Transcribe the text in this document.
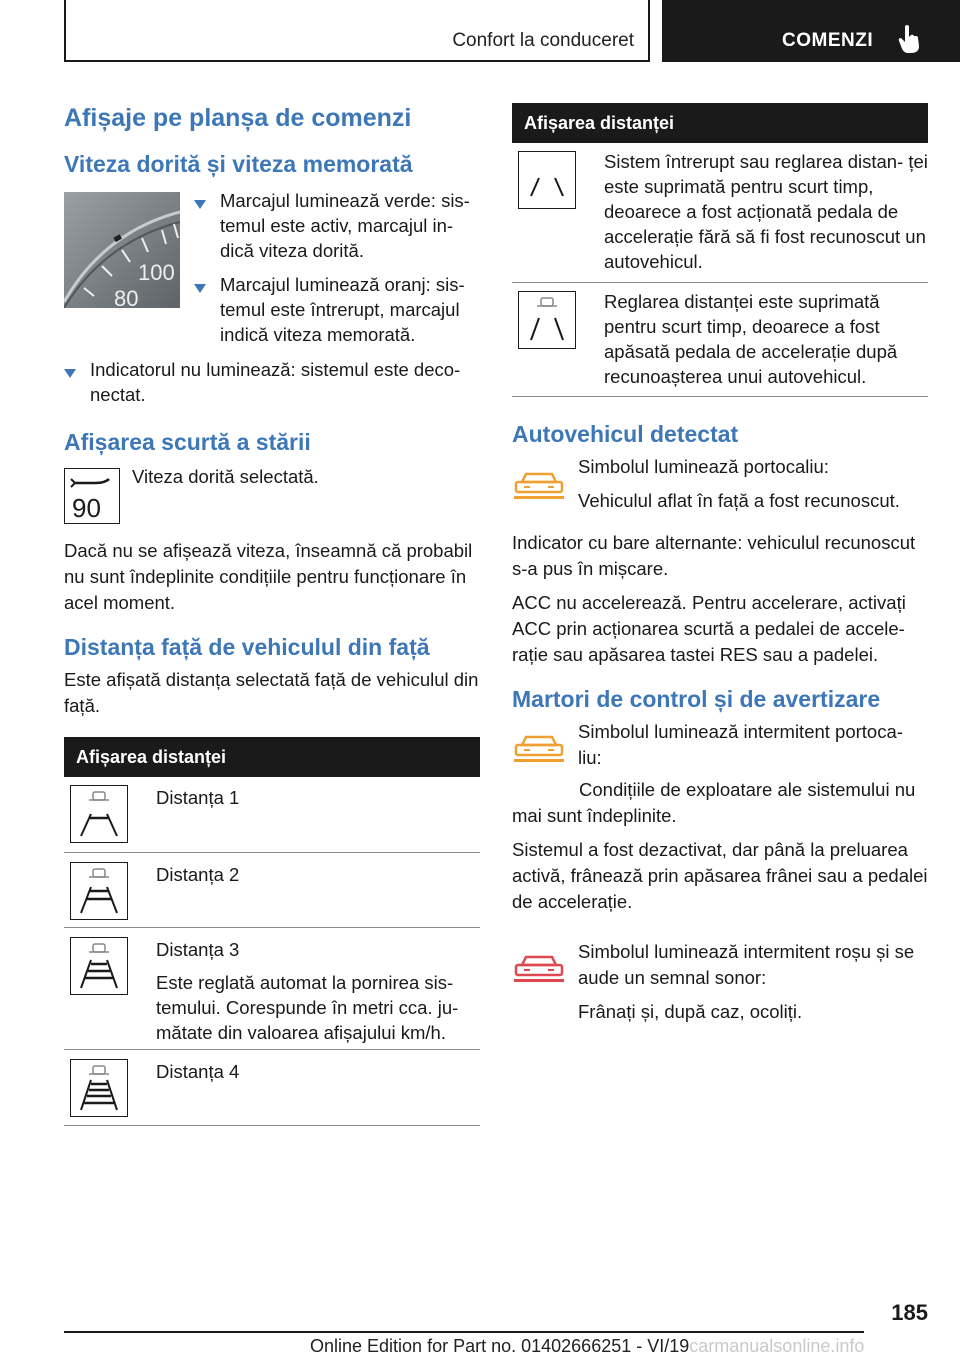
Confort la conduceret	COMENZI
Afișaje pe planșa de comenzi
Viteza dorită și viteza memorată
100
80
Marcajul luminează verde: sis- temul este activ, marcajul in- dică viteza dorită.
Marcajul luminează oranj: sis- temul este întrerupt, marcajul indică viteza memorată.
Indicatorul nu luminează: sistemul este deco- nectat.
Afișarea scurtă a stării
90

Viteza dorită selectată.

Dacă nu se afișează viteza, înseamnă că probabil nu sunt îndeplinite condițiile pentru funcționare în acel moment.

Distanța față de vehiculul din față

Este afișată distanța selectată față de vehiculul din față.

Afișarea distanței
Distanța 1
Distanța 2
Distanța 3
Este reglată automat la pornirea sis- temului. Corespunde în metri cca. ju- mătate din valoarea afișajului km/h.
Distanța 4
Afișarea distanței
Sistem întrerupt sau reglarea distan- ței este suprimată pentru scurt timp, deoarece a fost acționată pedala de accelerație fără să fi fost recunoscut un autovehicul.
Reglarea distanței este suprimată pentru scurt timp, deoarece a fost apăsată pedala de accelerație după recunoașterea unui autovehicul.
Autovehicul detectat

Simbolul luminează portocaliu:

Vehiculul aflat în față a fost recunoscut.

Indicator cu bare alternante: vehiculul recunoscut s-a pus în mișcare.

ACC nu accelerează. Pentru accelerare, activați ACC prin acționarea scurtă a pedalei de accele- rație sau apăsarea tastei RES sau a padelei.

Martori de control și de avertizare

Simbolul luminează intermitent portoca- liu:

Condițiile de exploatare ale sistemului nu mai sunt îndeplinite.

Sistemul a fost dezactivat, dar până la preluarea activă, frânează prin apăsarea frânei sau a pedalei de accelerație.

Simbolul luminează intermitent roșu și se aude un semnal sonor:

Frânați și, după caz, ocoliți.

185
Online Edition for Part no. 01402666251 - VI/19carmanualsonline.info
